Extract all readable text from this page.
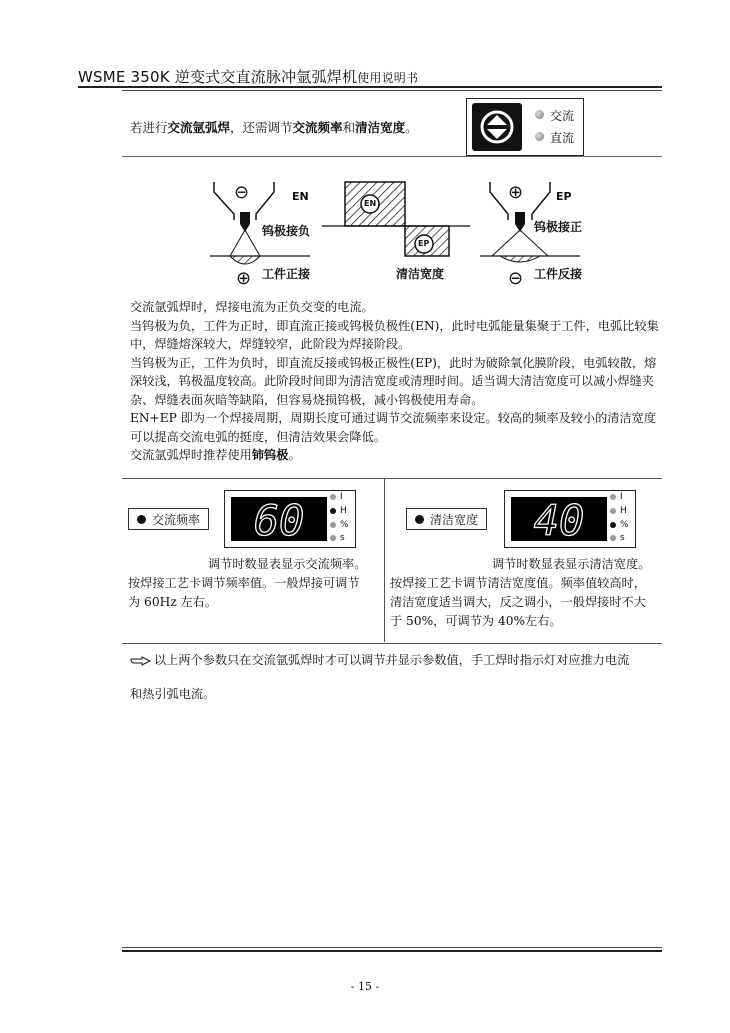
WSME 350K 逆变式交直流脉冲氩弧焊机使用说明书
若进行交流氩弧焊，还需调节交流频率和清洁宽度。
交流
直流
⊖	EN
钨极接负
工件正接
⊕
EN
EP
清洁宽度
⊕	EP
钨极接正
工件反接
⊖

交流氩弧焊时，焊接电流为正负交变的电流。

当钨极为负，工件为正时，即直流正接或钨极负极性(EN)，此时电弧能量集聚于工件，电弧比较集中，焊缝熔深较大，焊缝较窄，此阶段为焊接阶段。

当钨极为正，工件为负时，即直流反接或钨极正极性(EP)，此时为破除氧化膜阶段，电弧较散，熔深较浅，钨极温度较高。此阶段时间即为清洁宽度或清理时间。适当调大清洁宽度可以减小焊缝夹杂、焊缝表面灰暗等缺陷，但容易烧损钨极，减小钨极使用寿命。

EN+EP 即为一个焊接周期，周期长度可通过调节交流频率来设定。较高的频率及较小的清洁宽度可以提高交流电弧的挺度，但清洁效果会降低。

交流氩弧焊时推荐使用铈钨极。

交流频率 60	I
H
%
s
调节时数显表显示交流频率。
按焊接工艺卡调节频率值。一般焊接可调节
为 60Hz 左右。
清洁宽度 40	I
H
%
s
调节时数显表显示清洁宽度。
按焊接工艺卡调节清洁宽度值。频率值较高时，
清洁宽度适当调大，反之调小，一般焊接时不大
于 50%，可调节为 40%左右。
以上两个参数只在交流氩弧焊时才可以调节并显示参数值，手工焊时指示灯对应推力电流
和热引弧电流。
- 15 -
